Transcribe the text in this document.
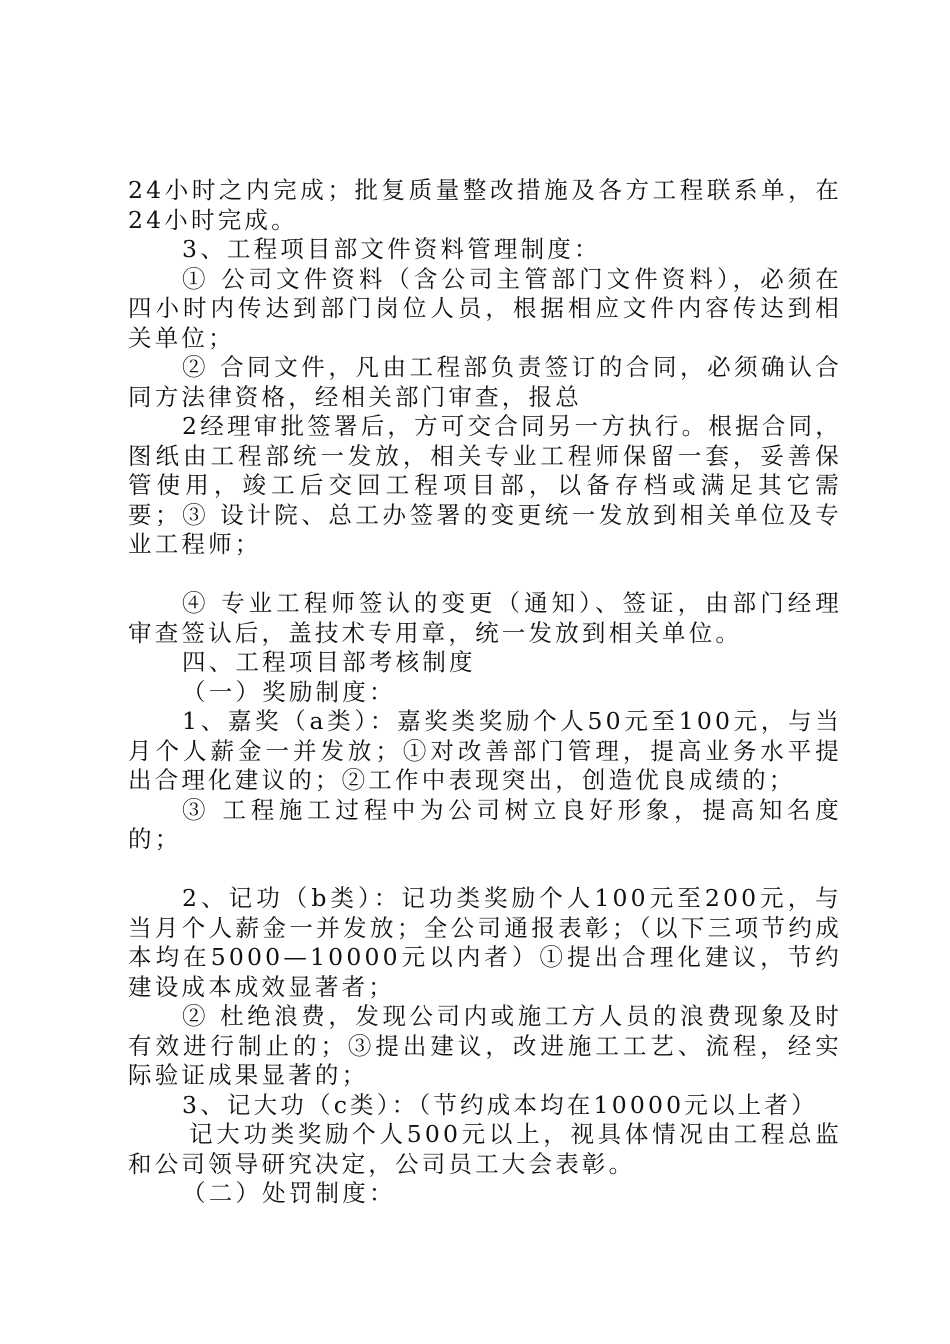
24小时之内完成；批复质量整改措施及各方工程联系单，在24小时完成。

3、工程项目部文件资料管理制度：

① 公司文件资料（含公司主管部门文件资料），必须在四小时内传达到部门岗位人员，根据相应文件内容传达到相关单位；

② 合同文件，凡由工程部负责签订的合同，必须确认合同方法律资格，经相关部门审查，报总

2经理审批签署后，方可交合同另一方执行。根据合同，图纸由工程部统一发放，相关专业工程师保留一套，妥善保管使用，竣工后交回工程项目部，以备存档或满足其它需要；③ 设计院、总工办签署的变更统一发放到相关单位及专业工程师；

④ 专业工程师签认的变更（通知）、签证，由部门经理审查签认后，盖技术专用章，统一发放到相关单位。

四、工程项目部考核制度

（一）奖励制度：

1、嘉奖（a类）：嘉奖类奖励个人50元至100元，与当月个人薪金一并发放；①对改善部门管理，提高业务水平提出合理化建议的；②工作中表现突出，创造优良成绩的；

③ 工程施工过程中为公司树立良好形象，提高知名度的；

2、记功（b类）：记功类奖励个人100元至200元，与当月个人薪金一并发放；全公司通报表彰；（以下三项节约成本均在5000—10000元以内者）①提出合理化建议，节约建设成本成效显著者；

② 杜绝浪费，发现公司内或施工方人员的浪费现象及时有效进行制止的；③提出建议，改进施工工艺、流程，经实际验证成果显著的；

3、记大功（c类）：（节约成本均在10000元以上者）

记大功类奖励个人500元以上，视具体情况由工程总监和公司领导研究决定，公司员工大会表彰。

（二）处罚制度：
